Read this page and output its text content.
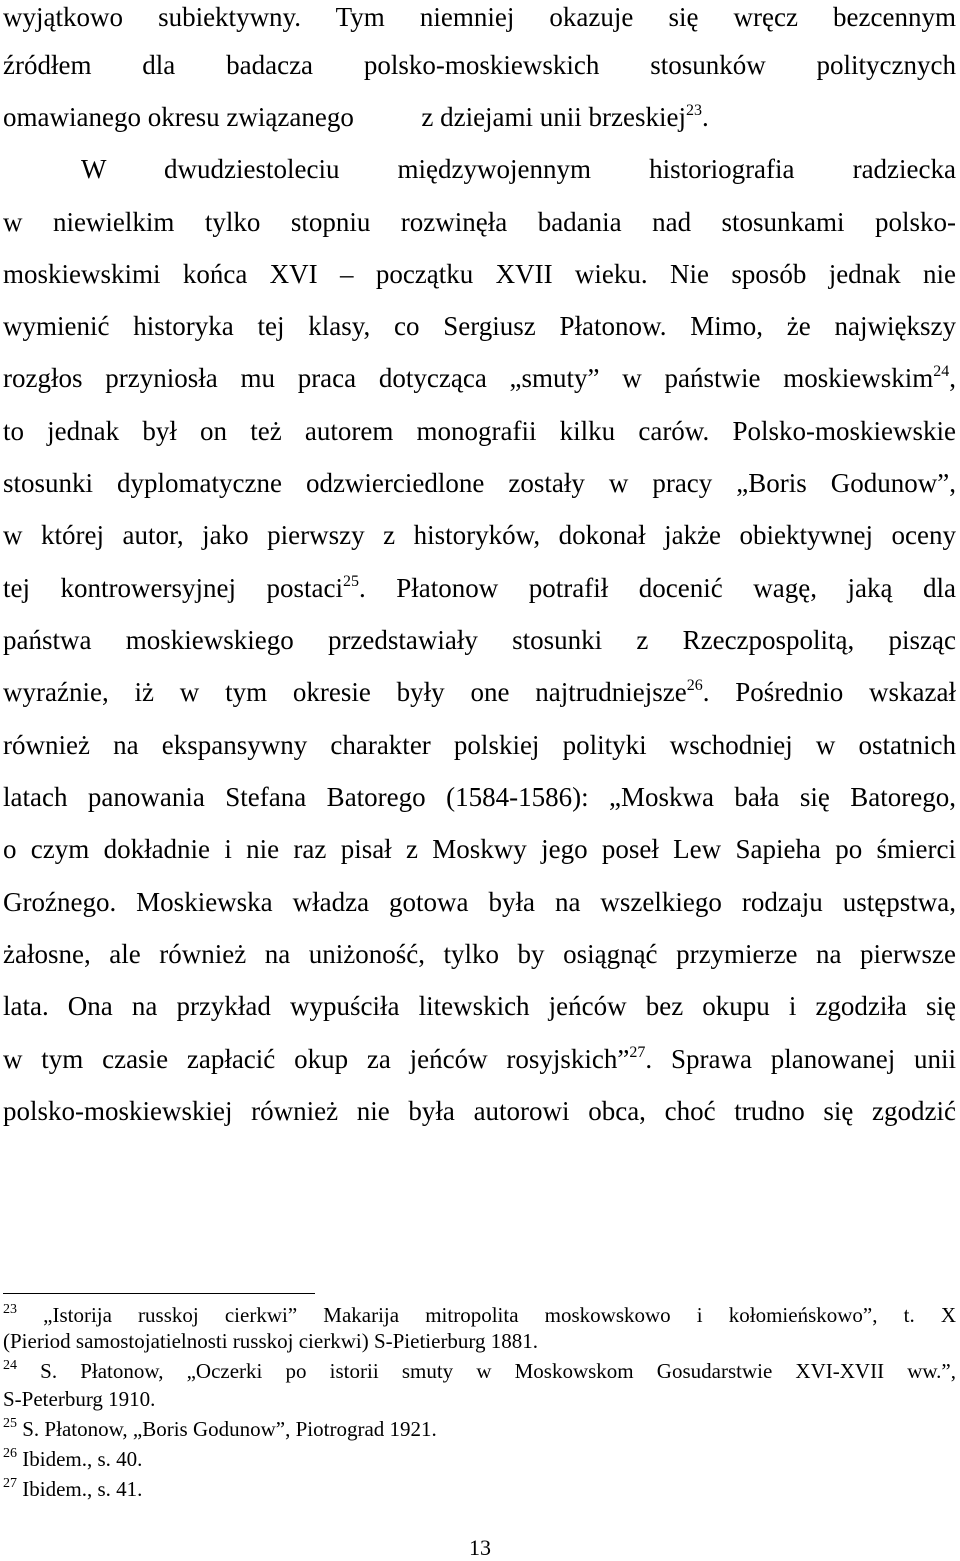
wyjątkowo subiektywny. Tym niemniej okazuje się wręcz bezcennym
źródłem dla badacza polsko-moskiewskich stosunków politycznych
omawianego okresu związanego          z dziejami unii brzeskiej$^{23}$.
W dwudziestoleciu międzywojennym historiografia radziecka
w niewielkim tylko stopniu rozwinęła badania nad stosunkami polsko-
moskiewskimi końca XVI – początku XVII wieku. Nie sposób jednak nie
wymienić historyka tej klasy, co Sergiusz Płatonow. Mimo, że największy
rozgłos przyniosła mu praca dotycząca „smuty” w państwie moskiewskim$^{24}$,
to jednak był on też autorem monografii kilku carów. Polsko-moskiewskie
stosunki dyplomatyczne odzwierciedlone zostały w pracy „Boris Godunow”,
w której autor, jako pierwszy z historyków, dokonał jakże obiektywnej oceny
tej kontrowersyjnej postaci$^{25}$. Płatonow potrafił docenić wagę, jaką dla
państwa moskiewskiego przedstawiały stosunki z Rzeczpospolitą, pisząc
wyraźnie, iż w tym okresie były one najtrudniejsze$^{26}$. Pośrednio wskazał
również na ekspansywny charakter polskiej polityki wschodniej w ostatnich
latach panowania Stefana Batorego (1584-1586): „Moskwa bała się Batorego,
o czym dokładnie i nie raz pisał z Moskwy jego poseł Lew Sapieha po śmierci
Groźnego. Moskiewska władza gotowa była na wszelkiego rodzaju ustępstwa,
żałosne, ale również na uniżoność, tylko by osiągnąć przymierze na pierwsze
lata. Ona na przykład wypuściła litewskich jeńców bez okupu i zgodziła się
w tym czasie zapłacić okup za jeńców rosyjskich”$^{27}$. Sprawa planowanej unii
polsko-moskiewskiej również nie była autorowi obca, choć trudno się zgodzić
$^{23}$ „Istorija russkoj cierkwi” Makarija mitropolita moskowskowo i kołomieńskowo”, t. X
(Pieriod samostojatielnosti russkoj cierkwi) S-Pietierburg 1881.
$^{24}$ S. Płatonow, „Oczerki po istorii smuty w Moskowskom Gosudarstwie XVI-XVII ww.”,
S-Peterburg 1910.
$^{25}$ S. Płatonow, „Boris Godunow”, Piotrograd 1921.
$^{26}$ Ibidem., s. 40.
$^{27}$ Ibidem., s. 41.
13
